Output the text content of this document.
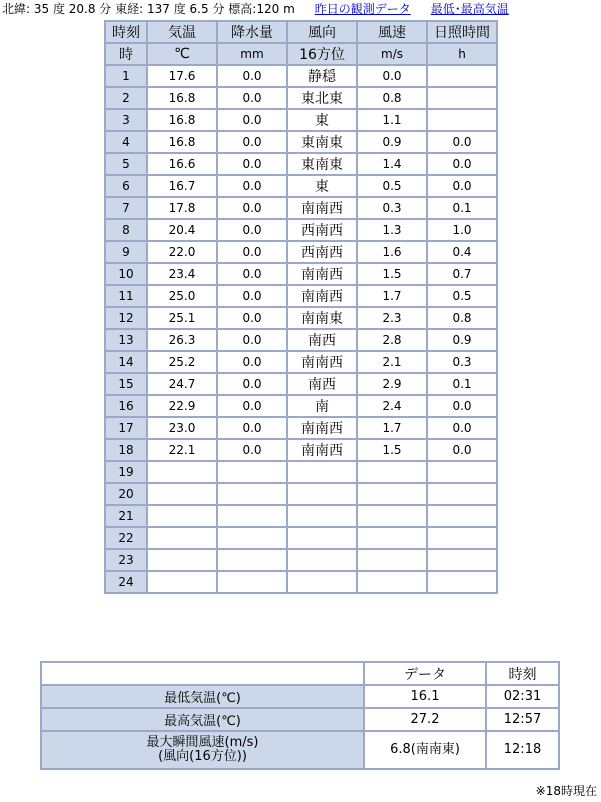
北緯: 35 度 20.8 分 東経: 137 度 6.5 分 標高:120 m 昨日の観測データ 最低･最高気温
時刻	気温	降水量	風向	風速	日照時間
時	℃	mm	16方位	m/s	h
1	17.6	0.0	静穏	0.0	
2	16.8	0.0	東北東	0.8	
3	16.8	0.0	東	1.1	
4	16.8	0.0	東南東	0.9	0.0
5	16.6	0.0	東南東	1.4	0.0
6	16.7	0.0	東	0.5	0.0
7	17.8	0.0	南南西	0.3	0.1
8	20.4	0.0	西南西	1.3	1.0
9	22.0	0.0	西南西	1.6	0.4
10	23.4	0.0	南南西	1.5	0.7
11	25.0	0.0	南南西	1.7	0.5
12	25.1	0.0	南南東	2.3	0.8
13	26.3	0.0	南西	2.8	0.9
14	25.2	0.0	南南西	2.1	0.3
15	24.7	0.0	南西	2.9	0.1
16	22.9	0.0	南	2.4	0.0
17	23.0	0.0	南南西	1.7	0.0
18	22.1	0.0	南南西	1.5	0.0
19					
20					
21					
22					
23					
24					
	データ	時刻
最低気温(℃)	16.1	02:31
最高気温(℃)	27.2	12:57
最大瞬間風速(m/s)
(風向(16方位))	6.8(南南東)	12:18
※18時現在
